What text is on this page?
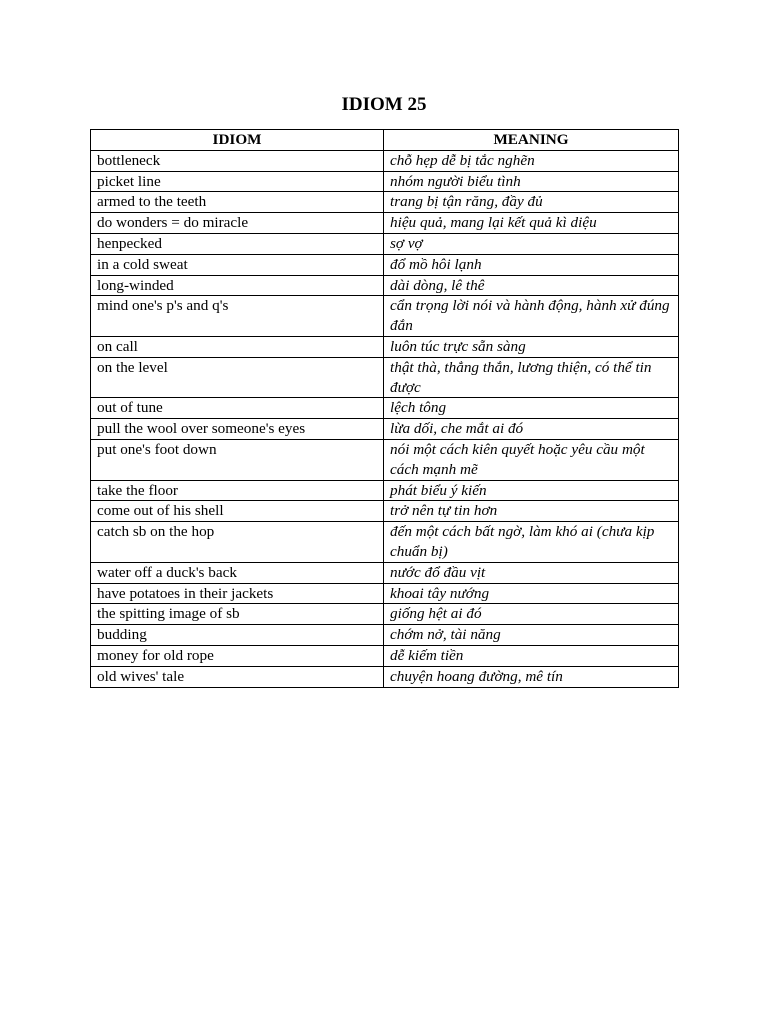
IDIOM 25
IDIOM	MEANING
bottleneck	chỗ hẹp dễ bị tắc nghẽn
picket line	nhóm người biểu tình
armed to the teeth	trang bị tận răng, đầy đủ
do wonders = do miracle	hiệu quả, mang lại kết quả kì diệu
henpecked	sợ vợ
in a cold sweat	đổ mồ hôi lạnh
long-winded	dài dòng, lê thê
mind one's p's and q's	cẩn trọng lời nói và hành động, hành xử đúng đắn
on call	luôn túc trực sẵn sàng
on the level	thật thà, thẳng thắn, lương thiện, có thể tin được
out of tune	lệch tông
pull the wool over someone's eyes	lừa dối, che mắt ai đó
put one's foot down	nói một cách kiên quyết hoặc yêu cầu một cách mạnh mẽ
take the floor	phát biểu ý kiến
come out of his shell	trở nên tự tin hơn
catch sb on the hop	đến một cách bất ngờ, làm khó ai (chưa kịp chuẩn bị)
water off a duck's back	nước đổ đầu vịt
have potatoes in their jackets	khoai tây nướng
the spitting image of sb	giống hệt ai đó
budding	chớm nở, tài năng
money for old rope	dễ kiếm tiền
old wives' tale	chuyện hoang đường, mê tín
